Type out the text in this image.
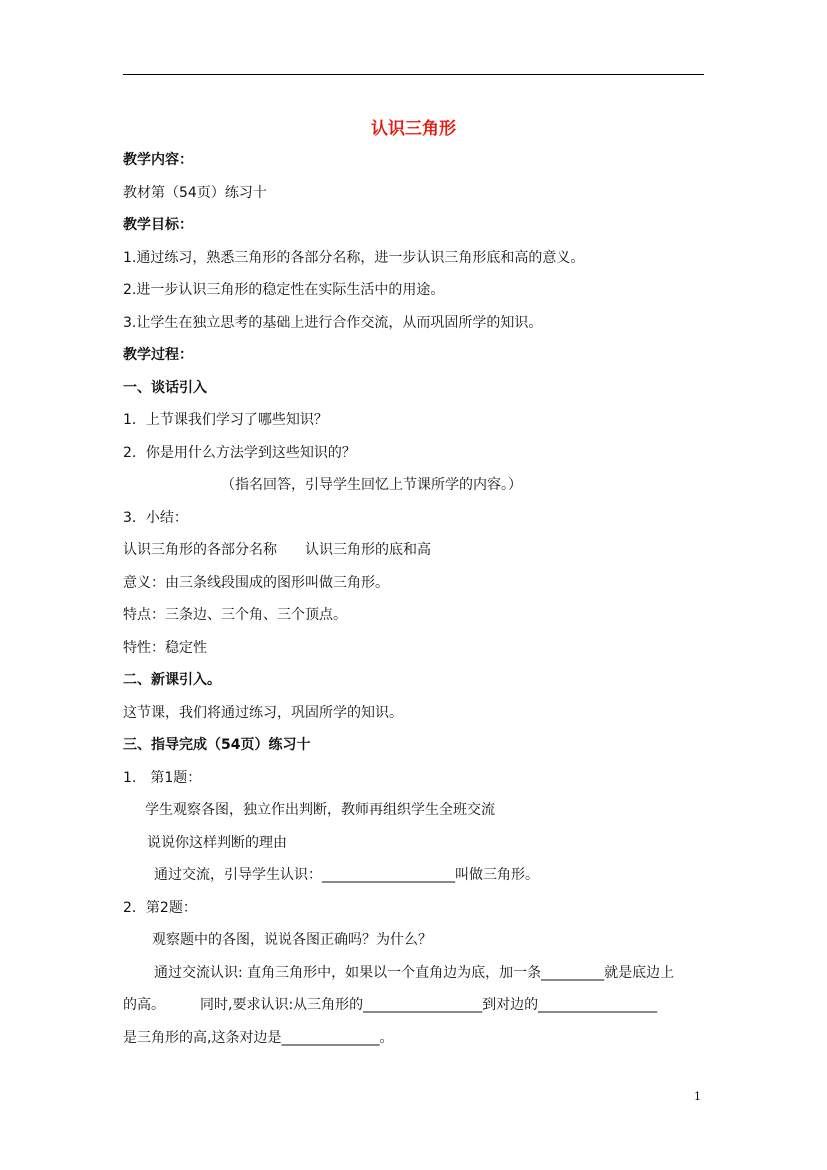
认识三角形
教学内容：
教材第（54页）练习十
教学目标：
1.通过练习，熟悉三角形的各部分名称，进一步认识三角形底和高的意义。
2.进一步认识三角形的稳定性在实际生活中的用途。
3.让学生在独立思考的基础上进行合作交流，从而巩固所学的知识。
教学过程：
一、谈话引入
1．上节课我们学习了哪些知识？
2．你是用什么方法学到这些知识的？
（指名回答，引导学生回忆上节课所学的内容。）
3．小结：
认识三角形的各部分名称　　认识三角形的底和高
意义：由三条线段围成的图形叫做三角形。
特点：三条边、三个角、三个顶点。
特性：稳定性
二、新课引入。
这节课，我们将通过练习，巩固所学的知识。
三、指导完成（54页）练习十
1.　第1题：
学生观察各图，独立作出判断，教师再组织学生全班交流
说说你这样判断的理由
通过交流，引导学生认识：___________________叫做三角形。
2．第2题：
观察题中的各图，说说各图正确吗？为什么？
通过交流认识: 直角三角形中，如果以一个直角边为底，加一条_________就是底边上
的高。　　　同时,要求认识:从三角形的_________________到对边的_________________
是三角形的高,这条对边是______________。
1
